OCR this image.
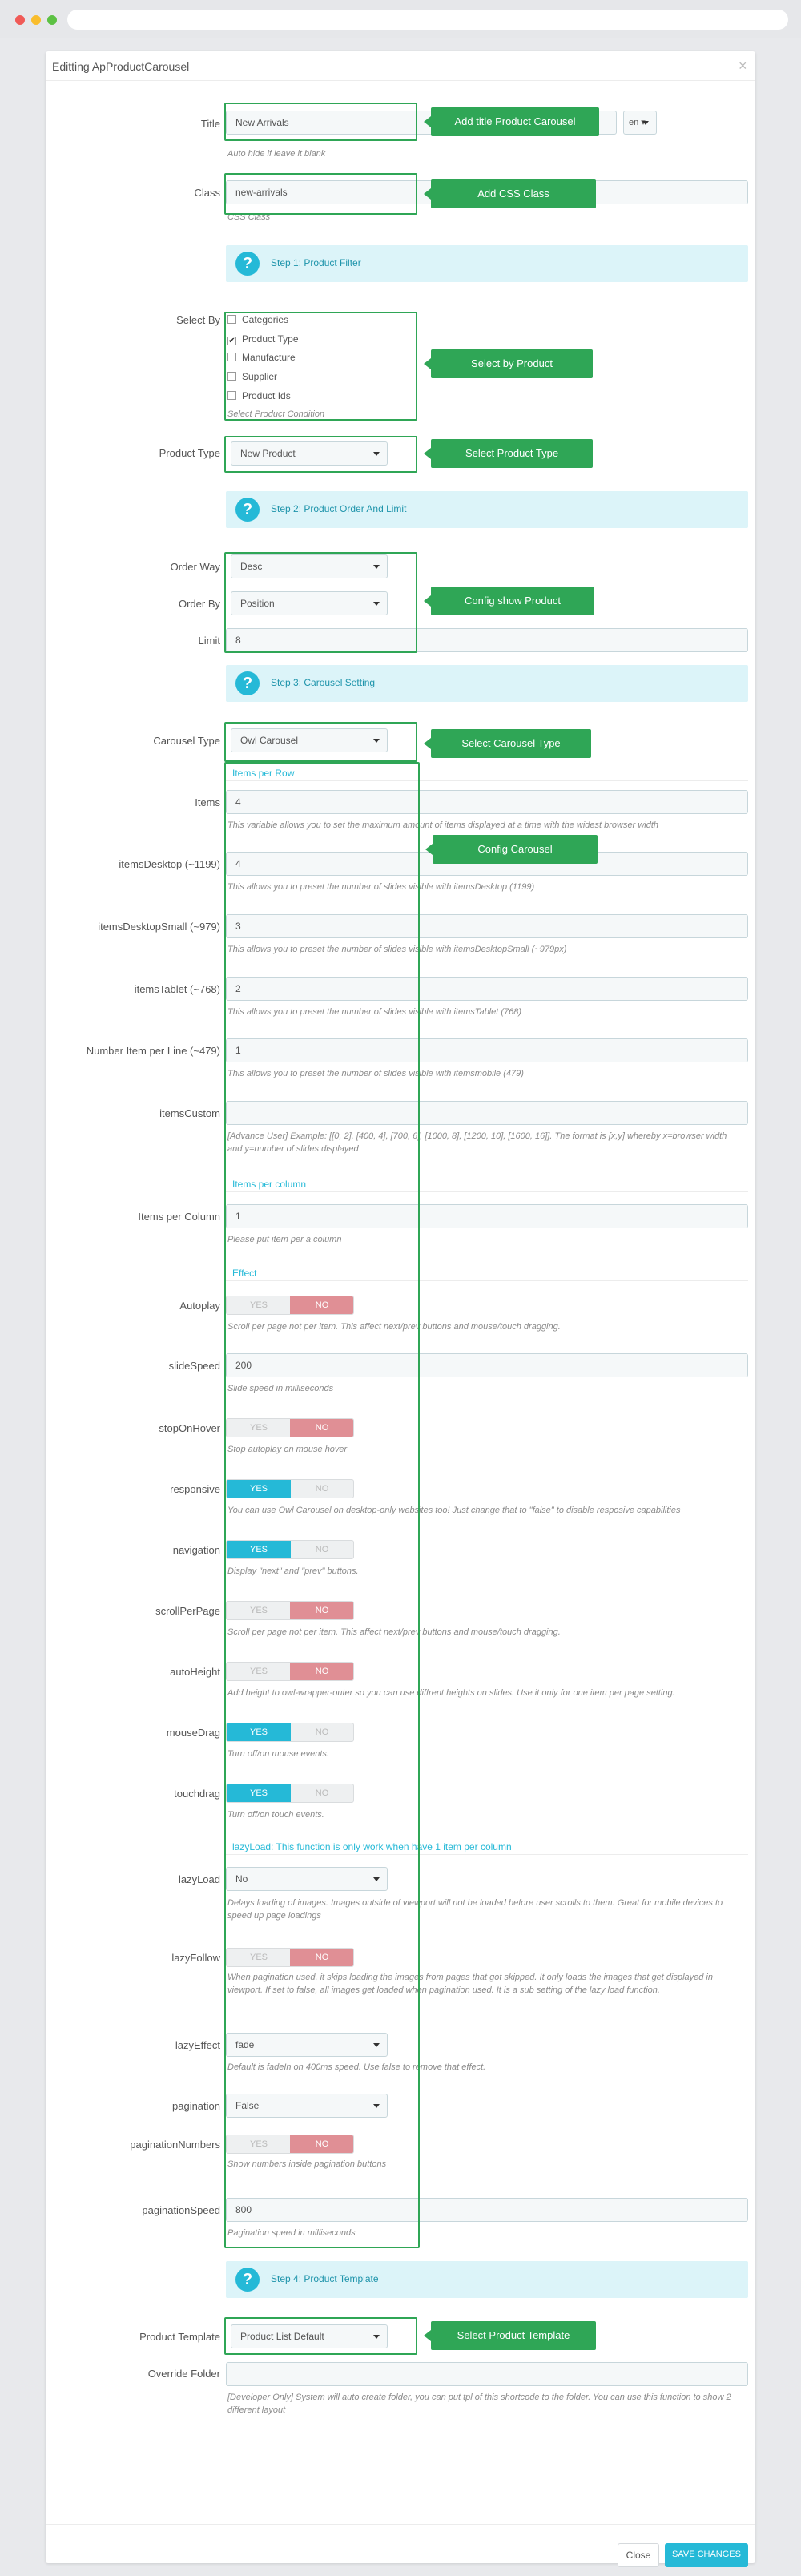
Editting ApProductCarousel	×
Title	New Arrivals	en ▾
Auto hide if leave it blank
Class	new-arrivals
CSS Class
?	Step 1: Product Filter
Select By	Categories
✔ Product Type
Manufacture
Supplier
Product Ids
Select Product Condition
Product Type	New Product
?	Step 2: Product Order And Limit
Order Way	Desc
Order By	Position
Limit	8
?	Step 3: Carousel Setting
Carousel Type	Owl Carousel
Items per Row
Items	4
This variable allows you to set the maximum amount of items displayed at a time with the widest browser width
itemsDesktop (~1199)	4
This allows you to preset the number of slides visible with itemsDesktop (1199)
itemsDesktopSmall (~979)	3
This allows you to preset the number of slides visible with itemsDesktopSmall (~979px)
itemsTablet (~768)	2
This allows you to preset the number of slides visible with itemsTablet (768)
Number Item per Line (~479)	1
This allows you to preset the number of slides visible with itemsmobile (479)
itemsCustom
[Advance User] Example: [[0, 2], [400, 4], [700, 6], [1000, 8], [1200, 10], [1600, 16]]. The format is [x,y] whereby x=browser width and y=number of slides displayed
Items per column
Items per Column	1
Please put item per a column
Effect
Autoplay	YES	NO
Scroll per page not per item. This affect next/prev buttons and mouse/touch dragging.
slideSpeed	200
Slide speed in milliseconds
stopOnHover	YES	NO
Stop autoplay on mouse hover
responsive	YES	NO
You can use Owl Carousel on desktop-only websites too! Just change that to "false" to disable resposive capabilities
navigation	YES	NO
Display "next" and "prev" buttons.
scrollPerPage	YES	NO
Scroll per page not per item. This affect next/prev buttons and mouse/touch dragging.
autoHeight	YES	NO
Add height to owl-wrapper-outer so you can use diffrent heights on slides. Use it only for one item per page setting.
mouseDrag	YES	NO
Turn off/on mouse events.
touchdrag	YES	NO
Turn off/on touch events.
lazyLoad: This function is only work when have 1 item per column
lazyLoad	No
Delays loading of images. Images outside of viewport will not be loaded before user scrolls to them. Great for mobile devices to speed up page loadings
lazyFollow	YES	NO
When pagination used, it skips loading the images from pages that got skipped. It only loads the images that get displayed in viewport. If set to false, all images get loaded when pagination used. It is a sub setting of the lazy load function.
lazyEffect	fade
Default is fadeIn on 400ms speed. Use false to remove that effect.
pagination	False
paginationNumbers	YES	NO
Show numbers inside pagination buttons
paginationSpeed	800
Pagination speed in milliseconds
?	Step 4: Product Template
Product Template	Product List Default
Override Folder
[Developer Only] System will auto create folder, you can put tpl of this shortcode to the folder. You can use this function to show 2 different layout
Close	SAVE CHANGES
Add title Product Carousel
Add CSS Class
Select by Product
Select Product Type
Config show Product
Select Carousel Type
Config Carousel
Select Product Template
